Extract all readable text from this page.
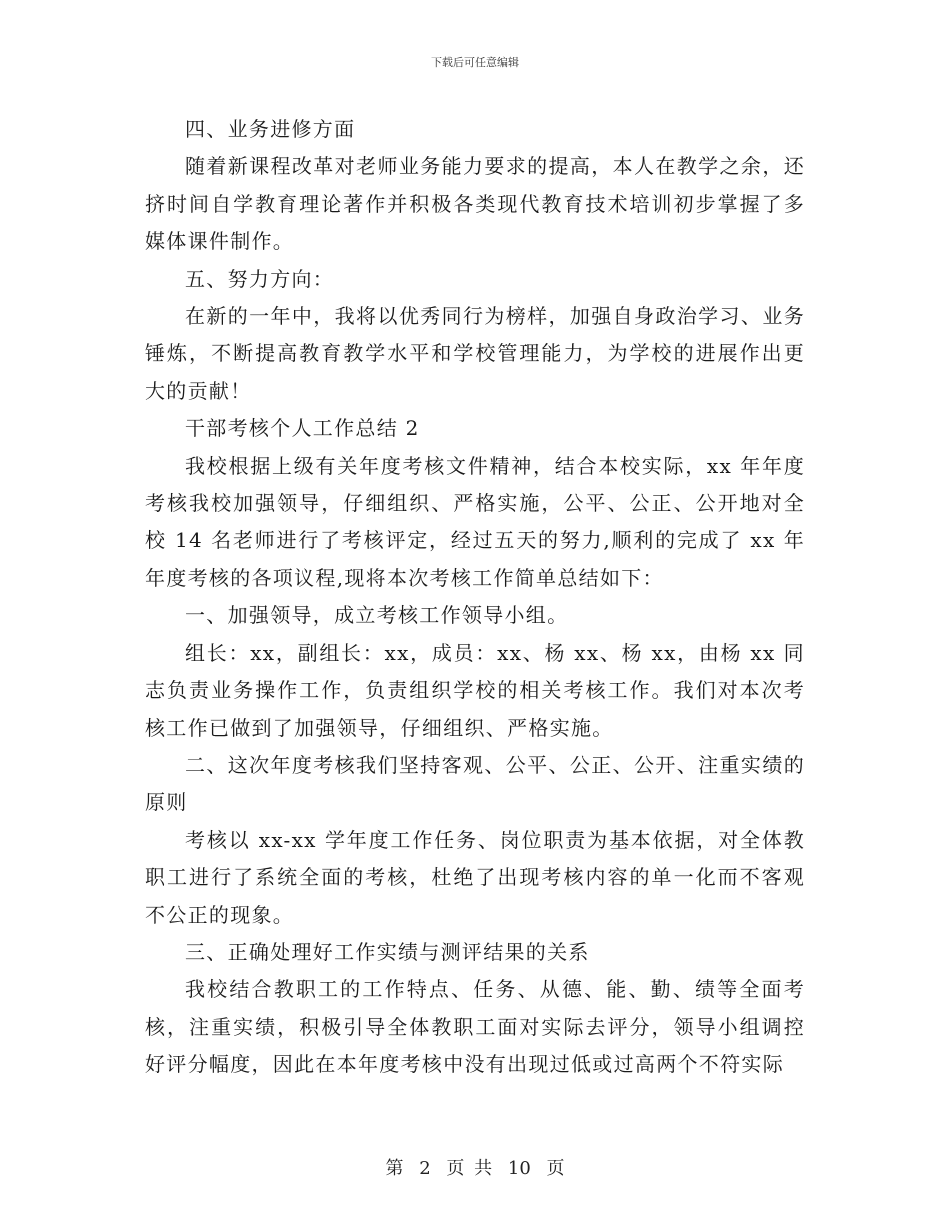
下载后可任意编辑

四、业务进修方面

随着新课程改革对老师业务能力要求的提高，本人在教学之余，还挤时间自学教育理论著作并积极各类现代教育技术培训初步掌握了多媒体课件制作。

五、努力方向：

在新的一年中，我将以优秀同行为榜样，加强自身政治学习、业务锤炼，不断提高教育教学水平和学校管理能力，为学校的进展作出更大的贡献！

干部考核个人工作总结 2

我校根据上级有关年度考核文件精神，结合本校实际，xx 年年度考核我校加强领导，仔细组织、严格实施，公平、公正、公开地对全校 14 名老师进行了考核评定，经过五天的努力,顺利的完成了 xx 年年度考核的各项议程,现将本次考核工作简单总结如下：

一、加强领导，成立考核工作领导小组。

组长：xx，副组长：xx，成员：xx、杨 xx、杨 xx，由杨 xx 同志负责业务操作工作，负责组织学校的相关考核工作。我们对本次考核工作已做到了加强领导，仔细组织、严格实施。

二、这次年度考核我们坚持客观、公平、公正、公开、注重实绩的原则

考核以 xx-xx 学年度工作任务、岗位职责为基本依据，对全体教职工进行了系统全面的考核，杜绝了出现考核内容的单一化而不客观不公正的现象。

三、正确处理好工作实绩与测评结果的关系

我校结合教职工的工作特点、任务、从德、能、勤、绩等全面考核，注重实绩，积极引导全体教职工面对实际去评分，领导小组调控好评分幅度，因此在本年度考核中没有出现过低或过高两个不符实际

第 2 页 共 10 页
